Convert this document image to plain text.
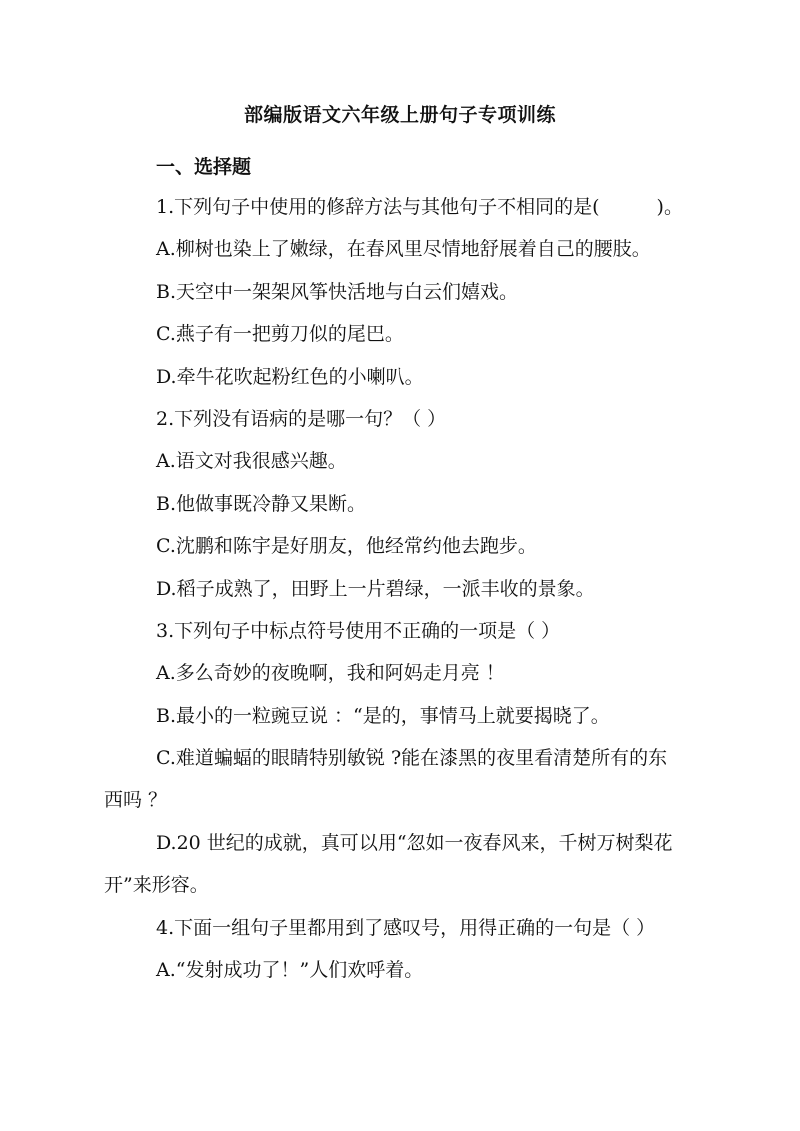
部编版语文六年级上册句子专项训练
一、选择题
1.下列句子中使用的修辞方法与其他句子不相同的是(　　　)。
A.柳树也染上了嫩绿，在春风里尽情地舒展着自己的腰肢。
B.天空中一架架风筝快活地与白云们嬉戏。
C.燕子有一把剪刀似的尾巴。
D.牵牛花吹起粉红色的小喇叭。
2.下列没有语病的是哪一句？（ ）
A.语文对我很感兴趣。
B.他做事既冷静又果断。
C.沈鹏和陈宇是好朋友，他经常约他去跑步。
D.稻子成熟了，田野上一片碧绿，一派丰收的景象。
3.下列句子中标点符号使用不正确的一项是（ ）
A.多么奇妙的夜晚啊，我和阿妈走月亮 ！
B.最小的一粒豌豆说 ：“是的，事情马上就要揭晓了。
C.难道蝙蝠的眼睛特别敏锐 ?能在漆黑的夜里看清楚所有的东
西吗 ？
D.20 世纪的成就，真可以用“忽如一夜春风来，千树万树梨花
开”来形容。
4.下面一组句子里都用到了感叹号，用得正确的一句是（ ）
A.“发射成功了！”人们欢呼着。
